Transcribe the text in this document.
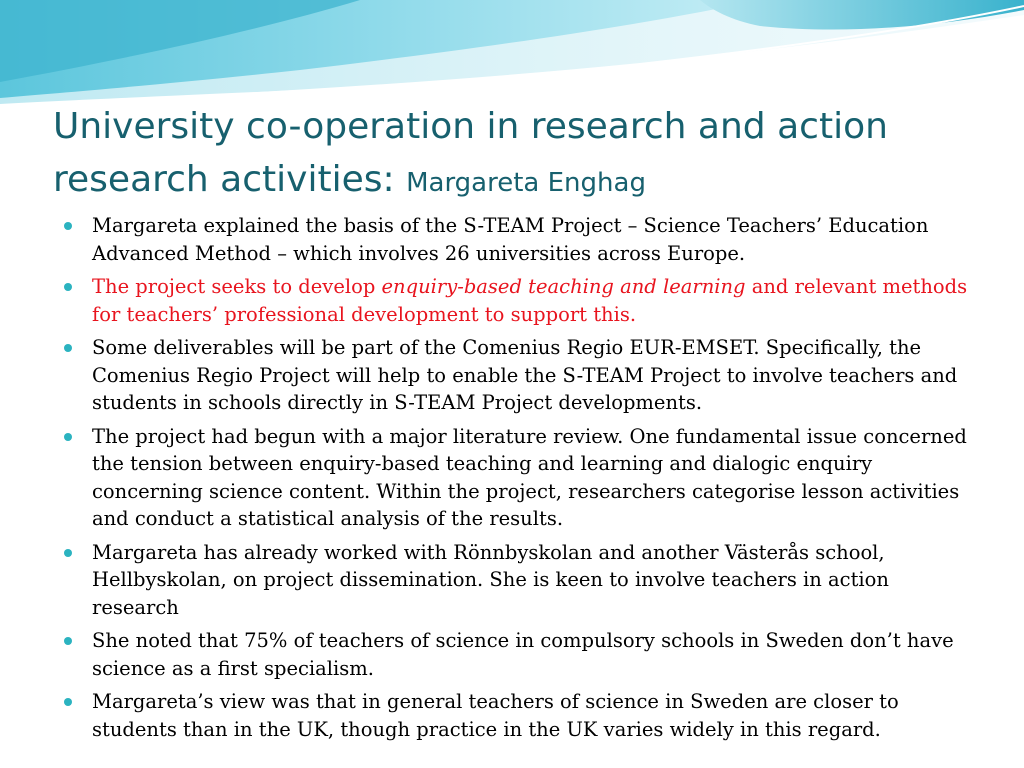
University co-operation in research and action research activities: Margareta Enghag
Margareta explained the basis of the S-TEAM Project – Science Teachers’ Education Advanced Method – which involves 26 universities across Europe.
The project seeks to develop enquiry-based teaching and learning and relevant methods for teachers’ professional development to support this.
Some deliverables will be part of the Comenius Regio EUR-EMSET. Specifically, the Comenius Regio Project will help to enable the S-TEAM Project to involve teachers and students in schools directly in S-TEAM Project developments.
The project had begun with a major literature review. One fundamental issue concerned the tension between enquiry-based teaching and learning and dialogic enquiry concerning science content. Within the project, researchers categorise lesson activities and conduct a statistical analysis of the results.
Margareta has already worked with Rönnbyskolan and another Västerås school, Hellbyskolan, on project dissemination. She is keen to involve teachers in action research
She noted that 75% of teachers of science in compulsory schools in Sweden don’t have science as a first specialism.
Margareta’s view was that in general teachers of science in Sweden are closer to students than in the UK, though practice in the UK varies widely in this regard.
